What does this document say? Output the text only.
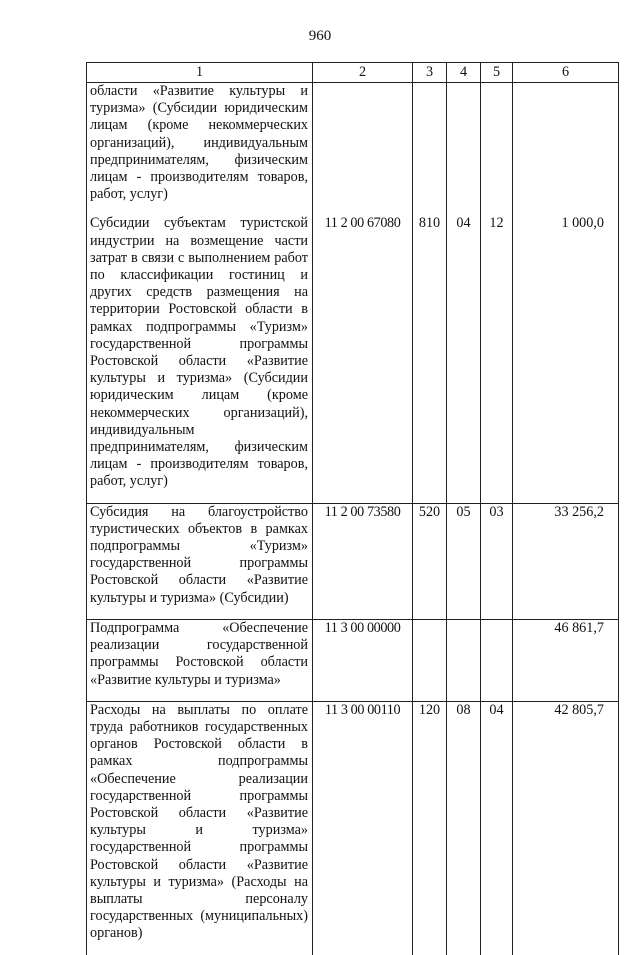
960
1	2	3	4	5	6
области «Развитие культуры и туризма» (Субсидии юридическим лицам (кроме некоммерческих организаций), индивидуальным предпринимателям, физическим лицам - производителям товаров, работ, услуг)					
Субсидии субъектам туристской индустрии на возмещение части затрат в связи с выполнением работ по классификации гостиниц и других средств размещения на территории Ростовской области в рамках подпрограммы «Туризм» государственной программы Ростовской области «Развитие культуры и туризма» (Субсидии юридическим лицам (кроме некоммерческих организаций), индивидуальным предпринимателям, физическим лицам - производителям товаров, работ, услуг)	11 2 00 67080	810	04	12	1 000,0
Субсидия на благоустройство туристических объектов в рамках подпрограммы «Туризм» государственной программы Ростовской области «Развитие культуры и туризма» (Субсидии)	11 2 00 73580	520	05	03	33 256,2
Подпрограмма «Обеспечение реализации государственной программы Ростовской области «Развитие культуры и туризма»	11 3 00 00000				46 861,7
Расходы на выплаты по оплате труда работников государственных органов Ростовской области в рамках подпрограммы «Обеспечение реализации государственной программы Ростовской области «Развитие культуры и туризма» государственной программы Ростовской области «Развитие культуры и туризма» (Расходы на выплаты персоналу государственных (муниципальных) органов)	11 3 00 00110	120	08	04	42 805,7
